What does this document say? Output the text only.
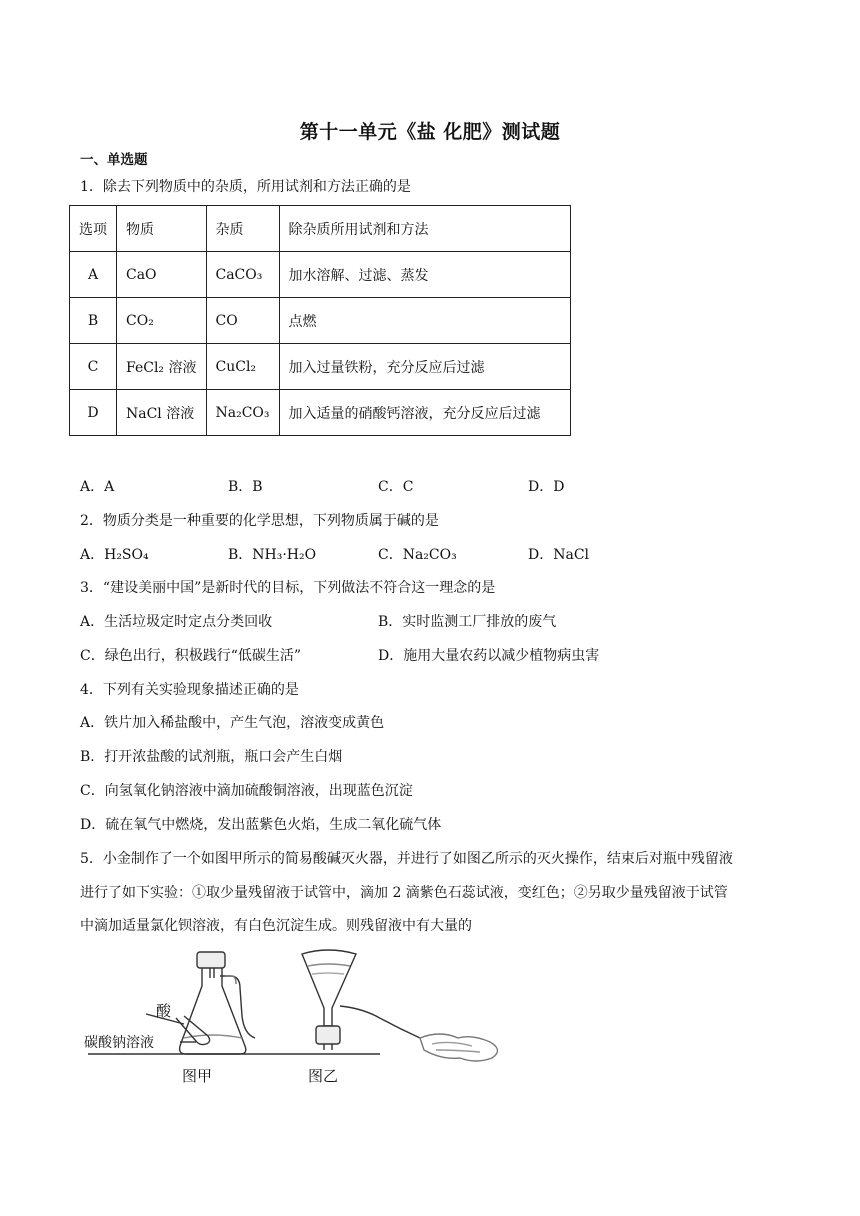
第十一单元《盐 化肥》测试题
一、单选题
1．除去下列物质中的杂质，所用试剂和方法正确的是
选项	物质	杂质	除杂质所用试剂和方法
A	CaO	CaCO₃	加水溶解、过滤、蒸发
B	CO₂	CO	点燃
C	FeCl₂ 溶液	CuCl₂	加入过量铁粉，充分反应后过滤
D	NaCl 溶液	Na₂CO₃	加入适量的硝酸钙溶液，充分反应后过滤
A．A	B．B	C．C	D．D
2．物质分类是一种重要的化学思想，下列物质属于碱的是
A．H₂SO₄	B．NH₃·H₂O	C．Na₂CO₃	D．NaCl
3．“建设美丽中国”是新时代的目标，下列做法不符合这一理念的是
A．生活垃圾定时定点分类回收	B．实时监测工厂排放的废气
C．绿色出行，积极践行“低碳生活”	D．施用大量农药以减少植物病虫害
4．下列有关实验现象描述正确的是
A．铁片加入稀盐酸中，产生气泡，溶液变成黄色
B．打开浓盐酸的试剂瓶，瓶口会产生白烟
C．向氢氧化钠溶液中滴加硫酸铜溶液，出现蓝色沉淀
D．硫在氧气中燃烧，发出蓝紫色火焰，生成二氧化硫气体
5．小金制作了一个如图甲所示的简易酸碱灭火器，并进行了如图乙所示的灭火操作，结束后对瓶中残留液
进行了如下实验：①取少量残留液于试管中，滴加 2 滴紫色石蕊试液，变红色；②另取少量残留液于试管
中滴加适量氯化钡溶液，有白色沉淀生成。则残留液中有大量的
酸
碳酸钠溶液
图甲	图乙
